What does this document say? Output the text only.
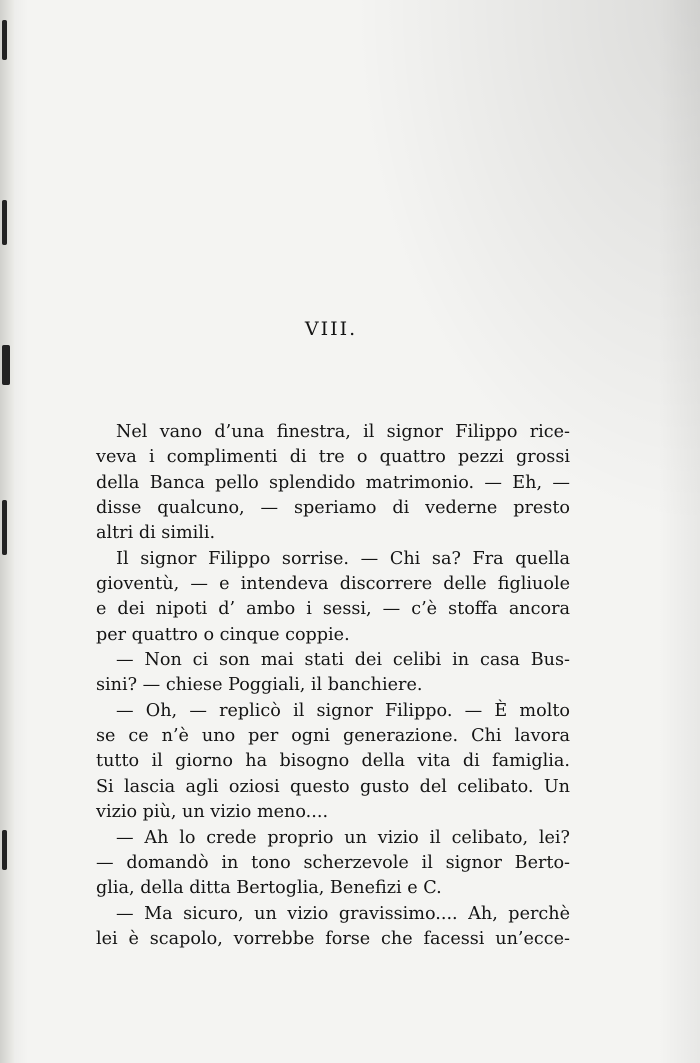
VIII.
Nel vano d’una finestra, il signor Filippo rice-
veva i complimenti di tre o quattro pezzi grossi
della Banca pello splendido matrimonio. — Eh, —
disse qualcuno, — speriamo di vederne presto
altri di simili.
Il signor Filippo sorrise. — Chi sa? Fra quella
gioventù, — e intendeva discorrere delle figliuole
e dei nipoti d’ ambo i sessi, — c’è stoffa ancora
per quattro o cinque coppie.
— Non ci son mai stati dei celibi in casa Bus-
sini? — chiese Poggiali, il banchiere.
— Oh, — replicò il signor Filippo. — È molto
se ce n’è uno per ogni generazione. Chi lavora
tutto il giorno ha bisogno della vita di famiglia.
Si lascia agli oziosi questo gusto del celibato. Un
vizio più, un vizio meno....
— Ah lo crede proprio un vizio il celibato, lei?
— domandò in tono scherzevole il signor Berto-
glia, della ditta Bertoglia, Benefizi e C.
— Ma sicuro, un vizio gravissimo.... Ah, perchè
lei è scapolo, vorrebbe forse che facessi un’ecce-
